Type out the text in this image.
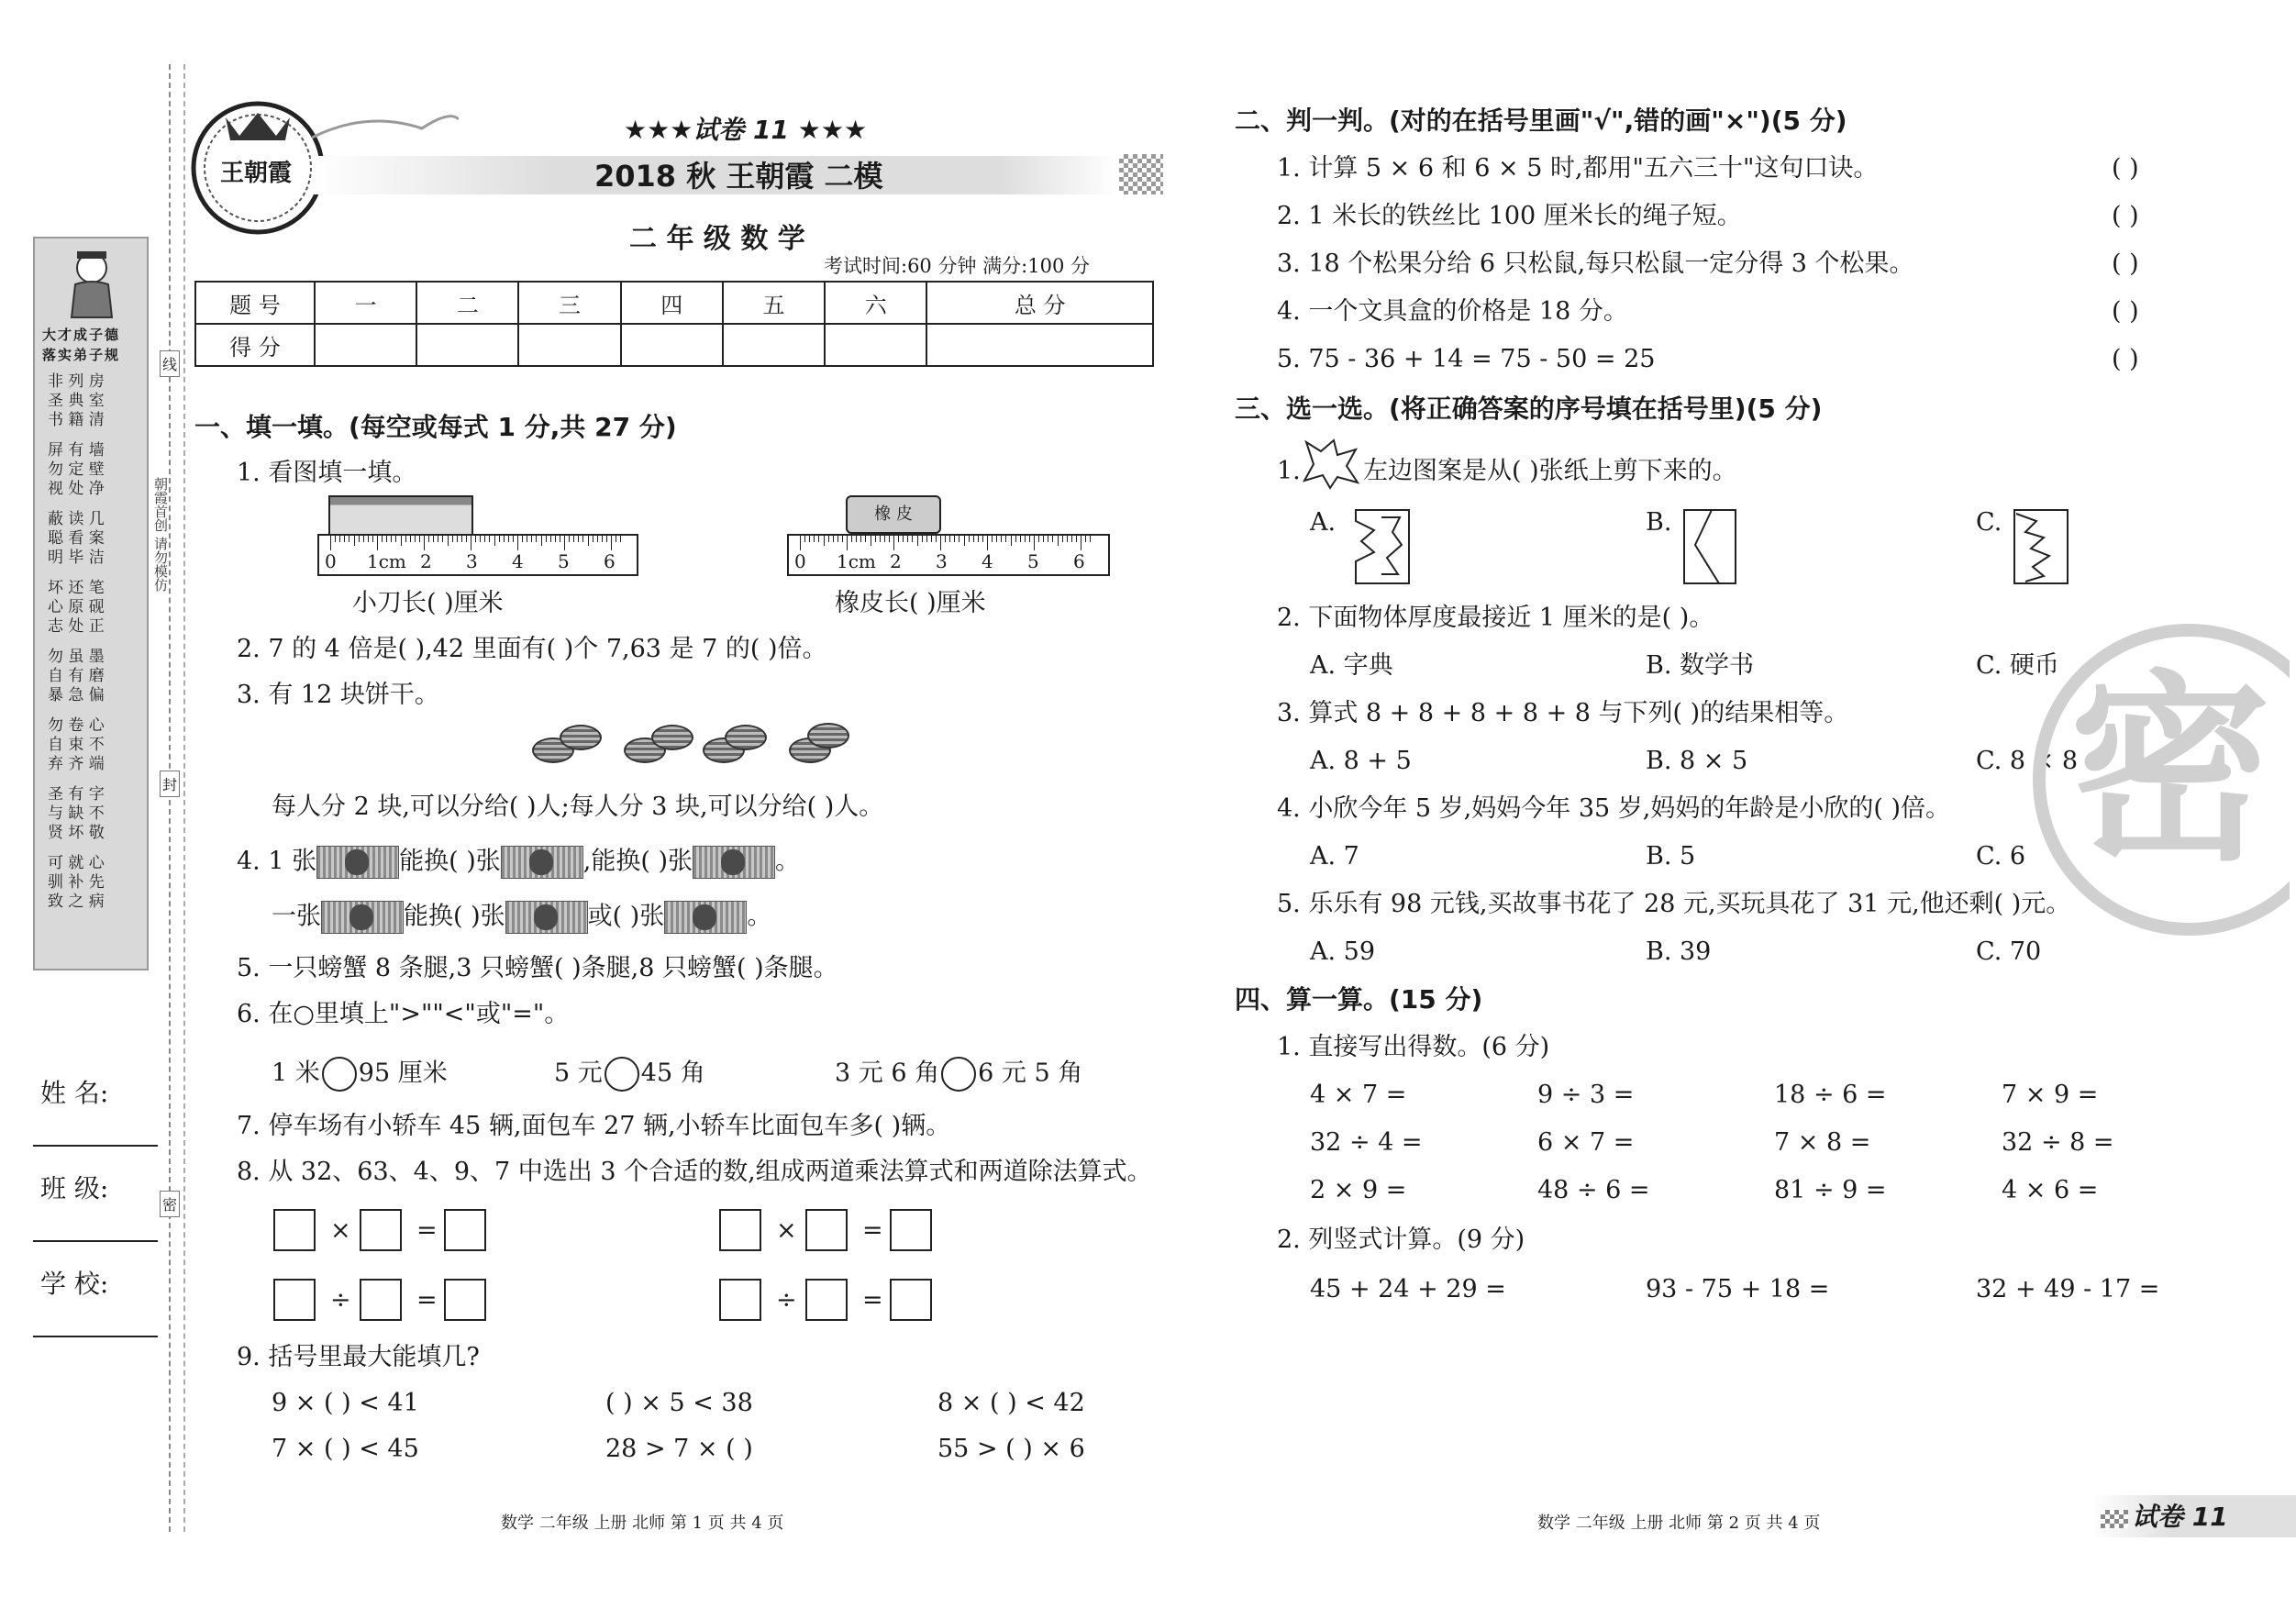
大才成子德
落实弟子规
非 列 房
圣 典 室
书 籍 清
屏 有 墙
勿 定 壁
视 处 净
蔽 读 几
聪 看 案
明 毕 洁
坏 还 笔
心 原 砚
志 处 正
勿 虽 墨
自 有 磨
暴 急 偏
勿 卷 心
自 束 不
弃 齐 端
圣 有 字
与 缺 不
贤 坏 敬
可 就 心
驯 补 先
致 之 病
朝霞首创 请勿模仿
线
封
密
姓 名:
班 级:
学 校:
王朝霞
★★★试卷 11 ★★★
2018 秋 王朝霞 二模
二 年 级 数 学
考试时间:60 分钟 满分:100 分
题 号	一	二	三	四	五	六	总 分
得 分							
一、填一填。(每空或每式 1 分,共 27 分)
1. 看图填一填。
0 1cm 2 3 4 5 6
小刀长( )厘米
橡 皮
0 1cm 2 3 4 5 6
橡皮长( )厘米
2. 7 的 4 倍是( ),42 里面有( )个 7,63 是 7 的( )倍。
3. 有 12 块饼干。
每人分 2 块,可以分给( )人;每人分 3 块,可以分给( )人。
4. 1 张	能换( )张	,能换( )张	。
一张	能换( )张	或( )张	。
5. 一只螃蟹 8 条腿,3 只螃蟹( )条腿,8 只螃蟹( )条腿。
6. 在○里填上">""<"或"="。
1 米 95 厘米	5 元 45 角	3 元 6 角 6 元 5 角
7. 停车场有小轿车 45 辆,面包车 27 辆,小轿车比面包车多( )辆。
8. 从 32、63、4、9、7 中选出 3 个合适的数,组成两道乘法算式和两道除法算式。
×	=	×	=
÷	=	÷	=
9. 括号里最大能填几?
9 × ( ) < 41	( ) × 5 < 38	8 × ( ) < 42
7 × ( ) < 45	28 > 7 × ( )	55 > ( ) × 6
数学 二年级 上册 北师 第 1 页 共 4 页
二、判一判。(对的在括号里画"√",错的画"×")(5 分)
1. 计算 5 × 6 和 6 × 5 时,都用"五六三十"这句口诀。
2. 1 米长的铁丝比 100 厘米长的绳子短。
3. 18 个松果分给 6 只松鼠,每只松鼠一定分得 3 个松果。
4. 一个文具盒的价格是 18 分。
5. 75 - 36 + 14 = 75 - 50 = 25
( )
( )
( )
( )
( )
三、选一选。(将正确答案的序号填在括号里)(5 分)
1.	左边图案是从( )张纸上剪下来的。
A.	B.	C.
2. 下面物体厚度最接近 1 厘米的是( )。
A. 字典	B. 数学书	C. 硬币
3. 算式 8 + 8 + 8 + 8 + 8 与下列( )的结果相等。
A. 8 + 5	B. 8 × 5	C. 8 × 8
4. 小欣今年 5 岁,妈妈今年 35 岁,妈妈的年龄是小欣的( )倍。
A. 7	B. 5	C. 6
5. 乐乐有 98 元钱,买故事书花了 28 元,买玩具花了 31 元,他还剩( )元。
A. 59	B. 39	C. 70
四、算一算。(15 分)
1. 直接写出得数。(6 分)
4 × 7 =	9 ÷ 3 =	18 ÷ 6 =	7 × 9 =
32 ÷ 4 =	6 × 7 =	7 × 8 =	32 ÷ 8 =
2 × 9 =	48 ÷ 6 =	81 ÷ 9 =	4 × 6 =
2. 列竖式计算。(9 分)
45 + 24 + 29 =	93 - 75 + 18 =	32 + 49 - 17 =
密
数学 二年级 上册 北师 第 2 页 共 4 页	试卷 11
